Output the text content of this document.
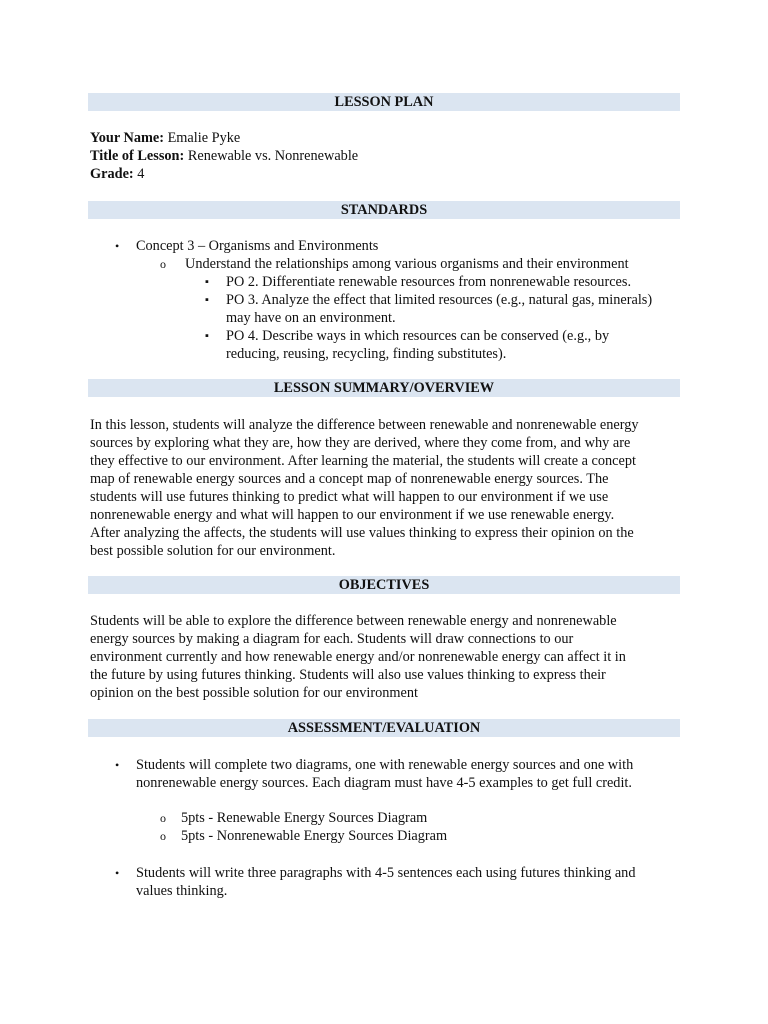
LESSON PLAN
Your Name: Emalie Pyke
Title of Lesson: Renewable vs. Nonrenewable
Grade: 4
STANDARDS
• Concept 3 – Organisms and Environments
o Understand the relationships among various organisms and their environment
▪ PO 2. Differentiate renewable resources from nonrenewable resources.
▪ PO 3. Analyze the effect that limited resources (e.g., natural gas, minerals)
may have on an environment.
▪ PO 4. Describe ways in which resources can be conserved (e.g., by
reducing, reusing, recycling, finding substitutes).
LESSON SUMMARY/OVERVIEW
In this lesson, students will analyze the difference between renewable and nonrenewable energy
sources by exploring what they are, how they are derived, where they come from, and why are
they effective to our environment. After learning the material, the students will create a concept
map of renewable energy sources and a concept map of nonrenewable energy sources. The
students will use futures thinking to predict what will happen to our environment if we use
nonrenewable energy and what will happen to our environment if we use renewable energy.
After analyzing the affects, the students will use values thinking to express their opinion on the
best possible solution for our environment.
OBJECTIVES
Students will be able to explore the difference between renewable energy and nonrenewable
energy sources by making a diagram for each. Students will draw connections to our
environment currently and how renewable energy and/or nonrenewable energy can affect it in
the future by using futures thinking. Students will also use values thinking to express their
opinion on the best possible solution for our environment
ASSESSMENT/EVALUATION
• Students will complete two diagrams, one with renewable energy sources and one with
nonrenewable energy sources. Each diagram must have 4-5 examples to get full credit.
o 5pts - Renewable Energy Sources Diagram
o 5pts - Nonrenewable Energy Sources Diagram
• Students will write three paragraphs with 4-5 sentences each using futures thinking and
values thinking.
